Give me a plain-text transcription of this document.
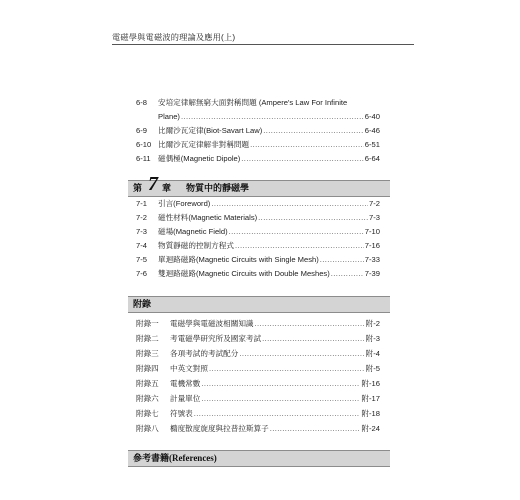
電磁學與電磁波的理論及應用(上)
6-8 安培定律解無窮大面對稱問題 (Ampere's Law For Infinite
Plane) .....	6-40
6-9	比爾沙瓦定律(Biot-Savart Law) .....	6-46
6-10 比爾沙瓦定律解非對稱問題 .....	6-51
6-11 磁偶極(Magnetic Dipole) .....	6-64
第 7 章 物質中的靜磁學
7-1	引言(Foreword) .....	7-2
7-2	磁性材料(Magnetic Materials) .....	7-3
7-3	磁場(Magnetic Field) .....	7-10
7-4	物質靜磁的控制方程式 .....	7-16
7-5	單迴路磁路(Magnetic Circuits with Single Mesh) .....	7-33
7-6	雙迴路磁路(Magnetic Circuits with Double Meshes) .....	7-39
附錄
附錄一	電磁學與電磁波相關知識 .....	附-2
附錄二	考電磁學研究所及國家考試 .....	附-3
附錄三	各項考試的考試配分 .....	附-4
附錄四	中英文對照 .....	附-5
附錄五	電機常數 .....	附-16
附錄六	計量單位 .....	附-17
附錄七	符號表 .....	附-18
附錄八	橢度散度旋度與拉普拉斯算子 .....	附-24
參考書籍(References)
